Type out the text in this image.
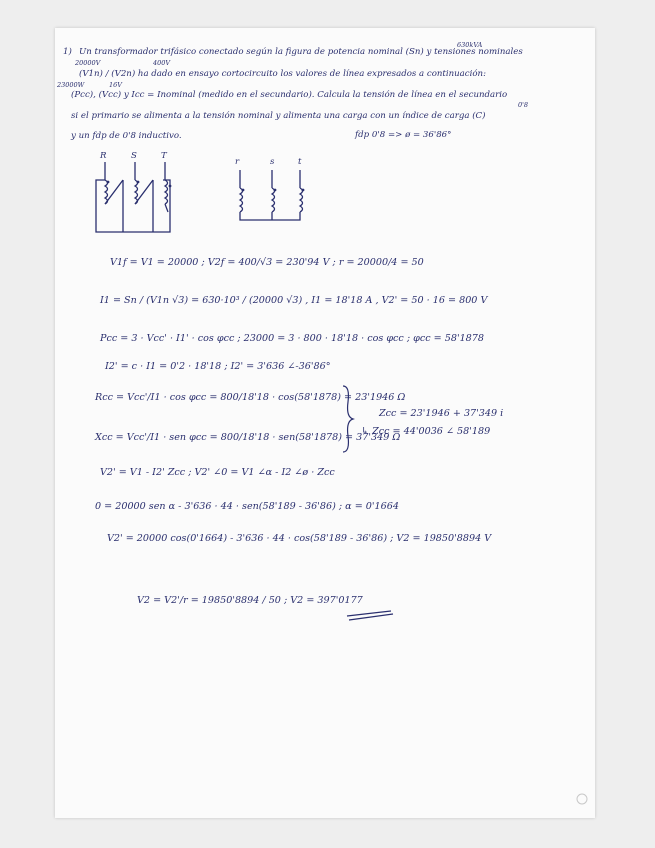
630kVA
1) Un transformador trifásico conectado según la figura de potencia nominal (Sn) y tensiones nominales
20000V	400V
(V1n) / (V2n) ha dado en ensayo cortocircuito los valores de línea expresados a continuación:
23000W	16V
(Pcc), (Vcc) y Icc = Inominal (medido en el secundario). Calcula la tensión de línea en el secundario
0'8
si el primario se alimenta a la tensión nominal y alimenta una carga con un índice de carga (C)
y un fdp de 0'8 inductivo.	fdp 0'8 => ø = 36'86°
R	S	T
r	s	t
V1f = V1 = 20000 ; V2f = 400/√3 = 230'94 V ; r = 20000/4 = 50
I1 = Sn / (V1n √3) = 630·10³ / (20000 √3) , I1 = 18'18 A , V2' = 50 · 16 = 800 V
Pcc = 3 · Vcc' · I1' · cos φcc ; 23000 = 3 · 800 · 18'18 · cos φcc ; φcc = 58'1878
I2' = c · I1 = 0'2 · 18'18 ; I2' = 3'636 ∠-36'86°
Rcc = Vcc'/I1 · cos φcc = 800/18'18 · cos(58'1878) = 23'1946 Ω
Xcc = Vcc'/I1 · sen φcc = 800/18'18 · sen(58'1878) = 37'349 Ω
Zcc = 23'1946 + 37'349 i
↳ Zcc = 44'0036 ∠ 58'189
V2' = V1 - I2' Zcc ; V2' ∠0 = V1 ∠α - I2 ∠ø · Zcc
0 = 20000 sen α - 3'636 · 44 · sen(58'189 - 36'86) ; α = 0'1664
V2' = 20000 cos(0'1664) - 3'636 · 44 · cos(58'189 - 36'86) ; V2 = 19850'8894 V
V2 = V2'/r = 19850'8894 / 50 ; V2 = 397'0177
